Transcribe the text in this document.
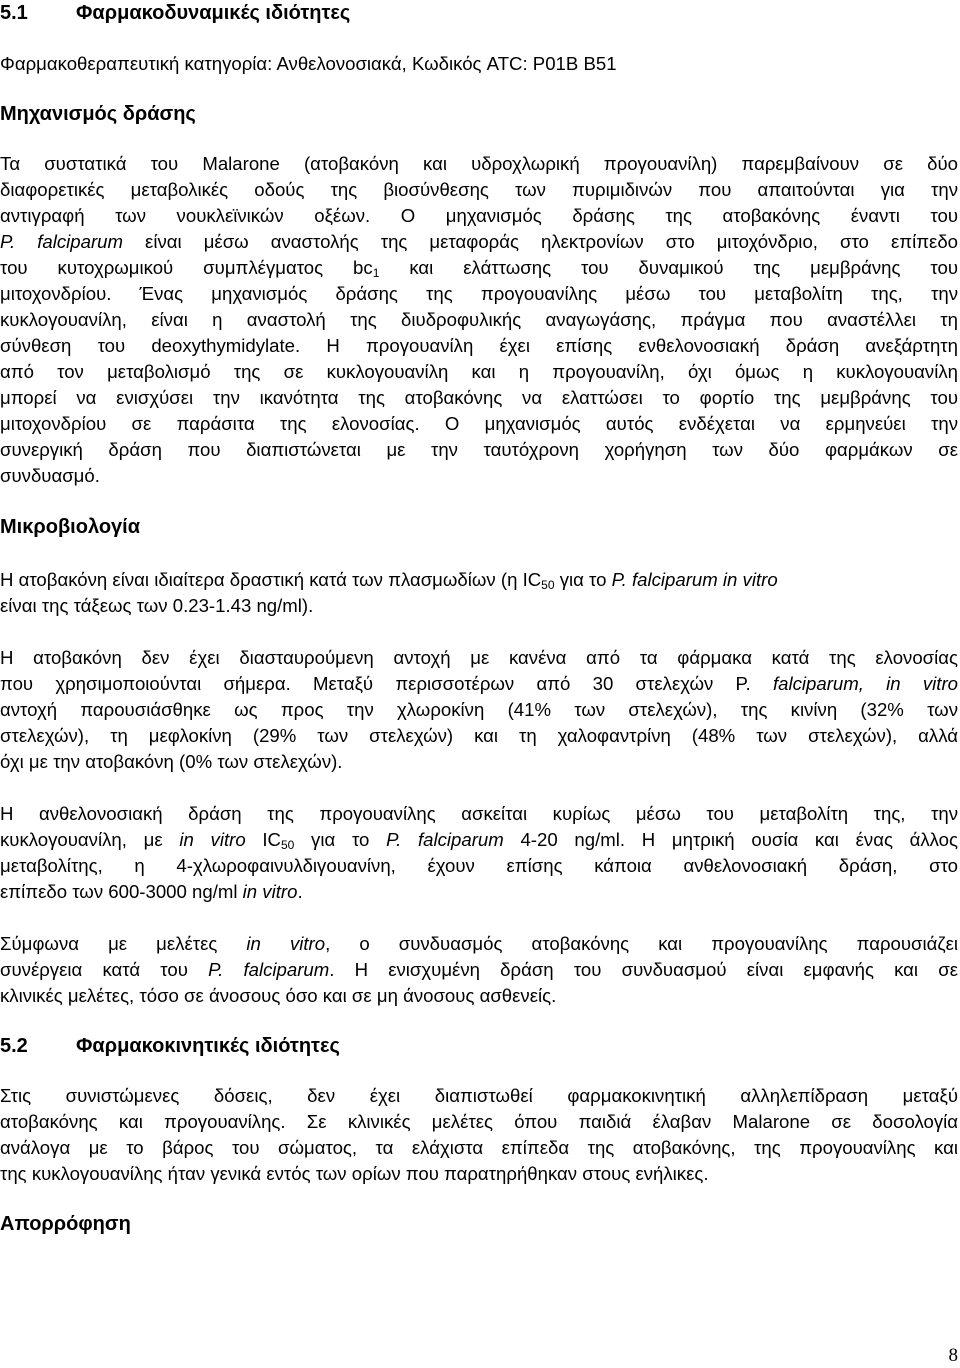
5.1 Φαρμακοδυναμικές ιδιότητες
Φαρμακοθεραπευτική κατηγορία: Ανθελονοσιακά, Κωδικός ATC: P01B B51
Μηχανισμός δράσης
Τα συστατικά του Malarone (ατοβακόνη και υδροχλωρική προγουανίλη) παρεμβαίνουν σε δύο
διαφορετικές μεταβολικές οδούς της βιοσύνθεσης των πυριμιδινών που απαιτούνται για την
αντιγραφή των νουκλεϊνικών οξέων. Ο μηχανισμός δράσης της ατοβακόνης έναντι του
P. falciparum είναι μέσω αναστολής της μεταφοράς ηλεκτρονίων στο μιτοχόνδριο, στο επίπεδο
του κυτοχρωμικού συμπλέγματος $bc_1$ και ελάττωσης του δυναμικού της μεμβράνης του
μιτοχονδρίου. Ένας μηχανισμός δράσης της προγουανίλης μέσω του μεταβολίτη της, την
κυκλογουανίλη, είναι η αναστολή της διυδροφυλικής αναγωγάσης, πράγμα που αναστέλλει τη
σύνθεση του deoxythymidylate. Η προγουανίλη έχει επίσης ενθελονοσιακή δράση ανεξάρτητη
από τον μεταβολισμό της σε κυκλογουανίλη και η προγουανίλη, όχι όμως η κυκλογουανίλη
μπορεί να ενισχύσει την ικανότητα της ατοβακόνης να ελαττώσει το φορτίο της μεμβράνης του
μιτοχονδρίου σε παράσιτα της ελονοσίας. Ο μηχανισμός αυτός ενδέχεται να ερμηνεύει την
συνεργική δράση που διαπιστώνεται με την ταυτόχρονη χορήγηση των δύο φαρμάκων σε
συνδυασμό.
Μικροβιολογία
Η ατοβακόνη είναι ιδιαίτερα δραστική κατά των πλασμωδίων (η $IC_{50}$ για το P. falciparum in vitro
είναι της τάξεως των 0.23-1.43 ng/ml).
Η ατοβακόνη δεν έχει διασταυρούμενη αντοχή με κανένα από τα φάρμακα κατά της ελονοσίας
που χρησιμοποιούνται σήμερα. Μεταξύ περισσοτέρων από 30 στελεχών P. falciparum, in vitro
αντοχή παρουσιάσθηκε ως προς την χλωροκίνη (41% των στελεχών), της κινίνη (32% των
στελεχών), τη μεφλοκίνη (29% των στελεχών) και τη χαλοφαντρίνη (48% των στελεχών), αλλά
όχι με την ατοβακόνη (0% των στελεχών).
Η ανθελονοσιακή δράση της προγουανίλης ασκείται κυρίως μέσω του μεταβολίτη της, την
κυκλογουανίλη, με in vitro $IC_{50}$ για το P. falciparum 4-20 ng/ml. Η μητρική ουσία και ένας άλλος
μεταβολίτης, η 4-χλωροφαινυλδιγουανίνη, έχουν επίσης κάποια ανθελονοσιακή δράση, στο
επίπεδο των 600-3000 ng/ml in vitro.
Σύμφωνα με μελέτες in vitro, ο συνδυασμός ατοβακόνης και προγουανίλης παρουσιάζει
συνέργεια κατά του P. falciparum. Η ενισχυμένη δράση του συνδυασμού είναι εμφανής και σε
κλινικές μελέτες, τόσο σε άνοσους όσο και σε μη άνοσους ασθενείς.
5.2 Φαρμακοκινητικές ιδιότητες
Στις συνιστώμενες δόσεις, δεν έχει διαπιστωθεί φαρμακοκινητική αλληλεπίδραση μεταξύ
ατοβακόνης και προγουανίλης. Σε κλινικές μελέτες όπου παιδιά έλαβαν Malarone σε δοσολογία
ανάλογα με το βάρος του σώματος, τα ελάχιστα επίπεδα της ατοβακόνης, της προγουανίλης και
της κυκλογουανίλης ήταν γενικά εντός των ορίων που παρατηρήθηκαν στους ενήλικες.
Απορρόφηση
8
